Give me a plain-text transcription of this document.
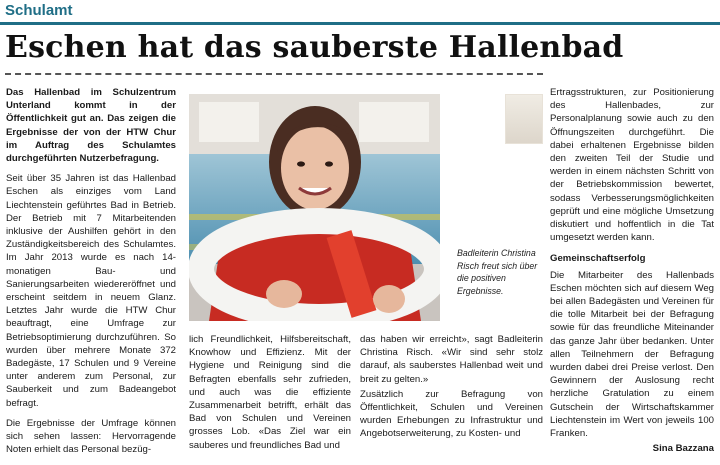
Schulamt
Eschen hat das sauberste Hallenbad

Das Hallenbad im Schulzentrum Unterland kommt in der Öffentlichkeit gut an. Das zeigen die Ergebnisse der von der HTW Chur im Auftrag des Schulamtes durchgeführten Nutzerbefragung.

Seit über 35 Jahren ist das Hallenbad Eschen als einziges vom Land Liechtenstein geführtes Bad in Betrieb. Der Betrieb mit 7 Mitarbeitenden inklusive der Aushilfen gehört in den Zuständigkeitsbereich des Schulamtes. Im Jahr 2013 wurde es nach 14-monatigen Bau- und Sanierungsarbeiten wiedereröffnet und erscheint seitdem in neuem Glanz. Letztes Jahr wurde die HTW Chur beauftragt, eine Umfrage zur Betriebsoptimierung durchzuführen. So wurden über mehrere Monate 372 Badegäste, 17 Schulen und 9 Vereine unter anderem zum Personal, zur Sauberkeit und zum Badeangebot befragt.

Die Ergebnisse der Umfrage können sich sehen lassen: Hervorragende Noten erhielt das Personal bezüg-

Badleiterin Christina Risch freut sich über die positiven Ergebnisse.

lich Freundlichkeit, Hilfsbereitschaft, Knowhow und Effizienz. Mit der Hygiene und Reinigung sind die Befragten ebenfalls sehr zufrieden, und auch was die effiziente Zusammenarbeit betrifft, erhält das Bad von Schulen und Vereinen grosses Lob. «Das Ziel war ein sauberes und freundliches Bad und

das haben wir erreicht», sagt Badleiterin Christina Risch. «Wir sind sehr stolz darauf, als sauberstes Hallenbad weit und breit zu gelten.»

Zusätzlich zur Befragung von Öffentlichkeit, Schulen und Vereinen wurden Erhebungen zu Infrastruktur und Angebotserweiterung, zu Kosten- und

Ertragsstrukturen, zur Positionierung des Hallenbades, zur Personalplanung sowie auch zu den Öffnungszeiten durchgeführt. Die dabei erhaltenen Ergebnisse bilden den zweiten Teil der Studie und werden in einem nächsten Schritt von der Betriebskommission bewertet, sodass Verbesserungsmöglichkeiten geprüft und eine mögliche Umsetzung diskutiert und hoffentlich in die Tat umgesetzt werden kann.

Gemeinschaftserfolg

Die Mitarbeiter des Hallenbads Eschen möchten sich auf diesem Weg bei allen Badegästen und Vereinen für die tolle Mitarbeit bei der Befragung sowie für das freundliche Miteinander das ganze Jahr über bedanken. Unter allen Teilnehmern der Befragung wurden dabei drei Preise verlost. Den Gewinnern der Auslosung recht herzliche Gratulation zu einem Gutschein der Wirtschaftskammer Liechtenstein im Wert von jeweils 100 Franken.

Sina Bazzana
